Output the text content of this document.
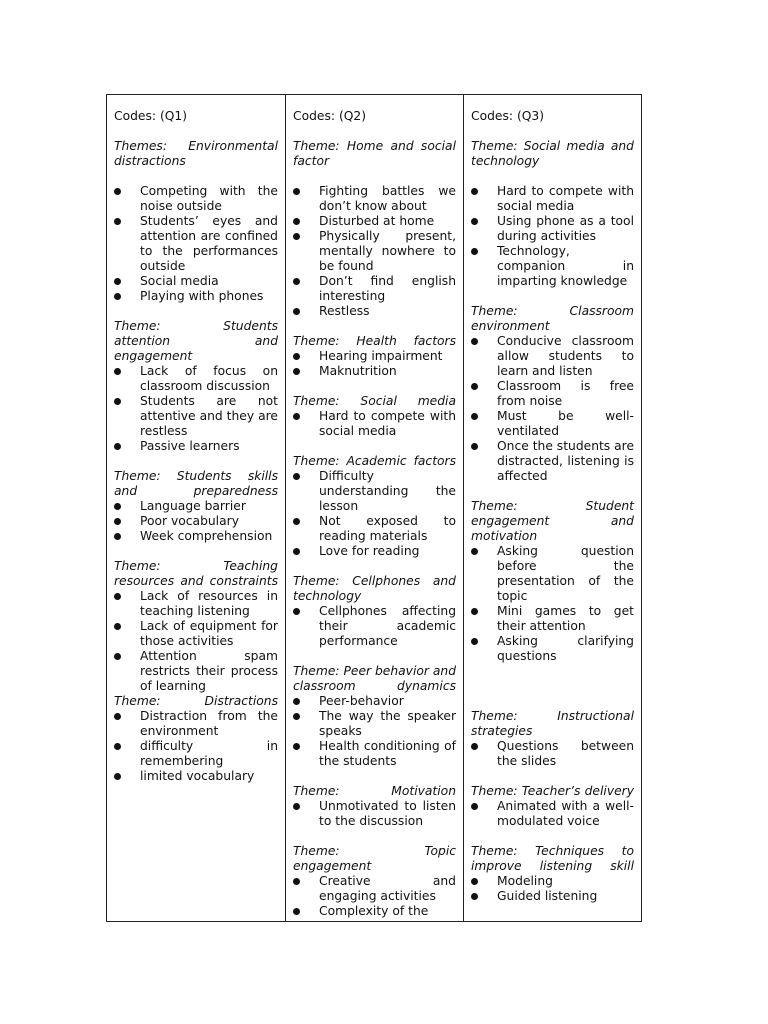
Codes: (Q1)

Themes: Environmental distractions

Competing with the noise outside
Students’ eyes and attention are confined to the performances outside
Social media
Playing with phones

Theme: Students attention and engagement

Lack of focus on classroom discussion
Students are not attentive and they are restless
Passive learners

Theme: Students skills and preparedness

Language barrier
Poor vocabulary
Week comprehension

Theme: Teaching resources and constraints

Lack of resources in teaching listening
Lack of equipment for those activities
Attention spam restricts their process of learning

Theme: Distractions

Distraction from the environment
difficulty in remembering
limited vocabulary

Codes: (Q2)

Theme: Home and social factor

Fighting battles we don’t know about
Disturbed at home
Physically present, mentally nowhere to be found
Don’t find english interesting
Restless

Theme: Health factors

Hearing impairment
Maknutrition

Theme: Social media

Hard to compete with social media

Theme: Academic factors

Difficulty understanding the lesson
Not exposed to reading materials
Love for reading

Theme: Cellphones and technology

Cellphones affecting their academic performance

Theme: Peer behavior and classroom dynamics

Peer-behavior
The way the speaker speaks
Health conditioning of the students

Theme: Motivation

Unmotivated to listen to the discussion

Theme: Topic engagement

Creative and engaging activities
Complexity of the

Codes: (Q3)

Theme: Social media and technology

Hard to compete with social media
Using phone as a tool during activities
Technology, companion in imparting knowledge

Theme: Classroom environment

Conducive classroom allow students to learn and listen
Classroom is free from noise
Must be well-ventilated
Once the students are distracted, listening is affected

Theme: Student engagement and motivation

Asking question before the presentation of the topic
Mini games to get their attention
Asking clarifying questions

Theme: Instructional strategies

Questions between the slides

Theme: Teacher’s delivery

Animated with a well-modulated voice

Theme: Techniques to improve listening skill

Modeling
Guided listening
